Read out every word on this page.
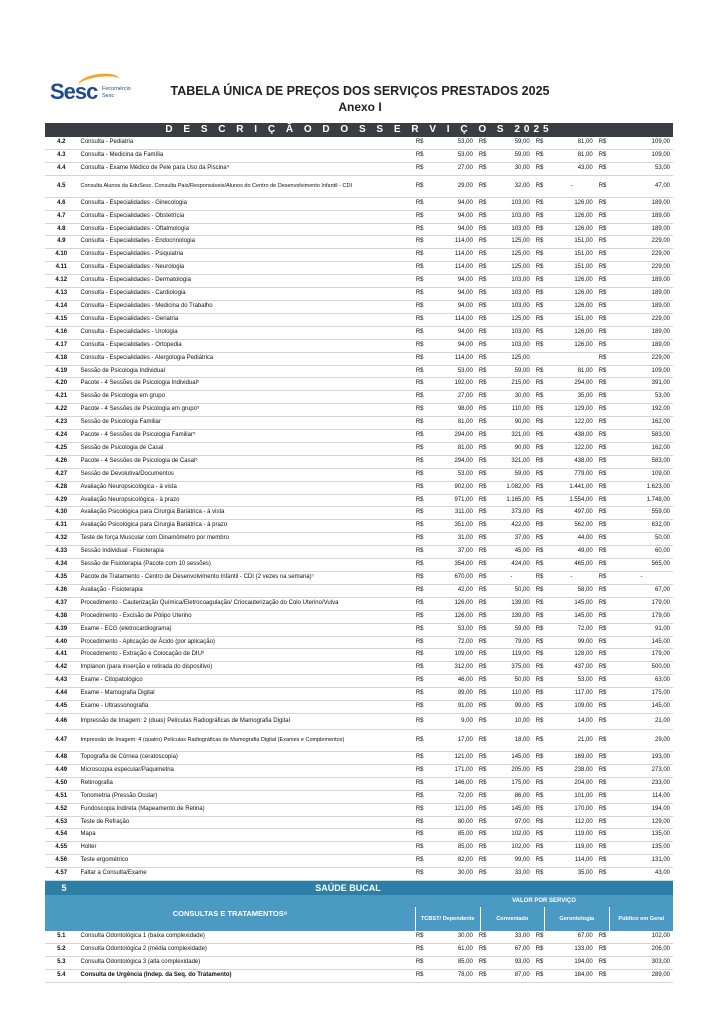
Sesc Fecomércio
Sesc	TABELA ÚNICA DE PREÇOS DOS SERVIÇOS PRESTADOS 2025
Anexo I
D E S C R I Ç Ã O D O S S E R V I Ç O S 2025
4.2	Consulta - Pediatria	R$	53,00	R$	59,00	R$	81,00	R$	109,00
4.3	Consulta - Medicina da Família	R$	53,00	R$	59,00	R$	81,00	R$	109,00
4.4	Consulta - Exame Médico de Pele para Uso da Piscina⁴	R$	27,00	R$	30,00	R$	43,00	R$	53,00
4.5	Consulta Alunos da EduSesc. Consulta Pais/Responsáveis/Alunos do Centro de Desenvolvimento Infantil - CDI	R$	29,00	R$	32,00	R$	-	R$	47,00
4.6	Consulta - Especialidades - Ginecologia	R$	94,00	R$	103,00	R$	126,00	R$	189,00
4.7	Consulta - Especialidades - Obstetrícia	R$	94,00	R$	103,00	R$	126,00	R$	189,00
4.8	Consulta - Especialidades - Oftalmologia	R$	94,00	R$	103,00	R$	126,00	R$	189,00
4.9	Consulta - Especialidades - Endocrinologia	R$	114,00	R$	125,00	R$	151,00	R$	229,00
4.10	Consulta - Especialidades - Psiquiatria	R$	114,00	R$	125,00	R$	151,00	R$	229,00
4.11	Consulta - Especialidades - Neurologia	R$	114,00	R$	125,00	R$	151,00	R$	229,00
4.12	Consulta - Especialidades - Dermatologia	R$	94,00	R$	103,00	R$	126,00	R$	189,00
4.13	Consulta - Especialidades - Cardiologia	R$	94,00	R$	103,00	R$	126,00	R$	189,00
4.14	Consulta - Especialidades - Medicina do Trabalho	R$	94,00	R$	103,00	R$	126,00	R$	189,00
4.15	Consulta - Especialidades - Geriatria	R$	114,00	R$	125,00	R$	151,00	R$	229,00
4.16	Consulta - Especialidades - Urologia	R$	94,00	R$	103,00	R$	126,00	R$	189,00
4.17	Consulta - Especialidades - Ortopedia	R$	94,00	R$	103,00	R$	126,00	R$	189,00
4.18	Consulta - Especialidades - Alergologia Pediátrica	R$	114,00	R$	125,00			R$	229,00
4.19	Sessão de Psicologia Individual	R$	53,00	R$	59,00	R$	81,00	R$	109,00
4.20	Pacote - 4 Sessões de Psicologia Individual⁵	R$	192,00	R$	215,00	R$	294,00	R$	391,00
4.21	Sessão de Psicologia em grupo	R$	27,00	R$	30,00	R$	35,00	R$	53,00
4.22	Pacote - 4 Sessões de Psicologia em grupo⁵	R$	98,00	R$	110,00	R$	129,00	R$	192,00
4.23	Sessão de Psicologia Familiar	R$	81,00	R$	90,00	R$	122,00	R$	162,00
4.24	Pacote - 4 Sessões de Psicologia Familiar⁵	R$	294,00	R$	321,00	R$	438,00	R$	583,00
4.25	Sessão de Psicologia de Casal	R$	81,00	R$	90,00	R$	122,00	R$	162,00
4.26	Pacote - 4 Sessões de Psicologia de Casal⁵	R$	294,00	R$	321,00	R$	438,00	R$	583,00
4.27	Sessão de Devolutiva/Documentos	R$	53,00	R$	59,00	R$	779,00	R$	109,00
4.28	Avaliação Neuropsicológica - à vista	R$	902,00	R$	1.082,00	R$	1.441,00	R$	1.623,00
4.29	Avaliação Neuropsicológica - à prazo	R$	971,00	R$	1.165,00	R$	1.554,00	R$	1.748,00
4.30	Avaliação Psicológica para Cirurgia Bariátrica - à vista	R$	311,00	R$	373,00	R$	497,00	R$	559,00
4.31	Avaliação Psicológica para Cirurgia Bariátrica - à prazo	R$	351,00	R$	422,00	R$	562,00	R$	632,00
4.32	Teste de força Muscular com Dinamômetro por membro	R$	31,00	R$	37,00	R$	44,00	R$	50,00
4.33	Sessão Individual - Fisioterapia	R$	37,00	R$	45,00	R$	49,00	R$	60,00
4.34	Sessão de Fisioterapia (Pacote com 10 sessões)	R$	354,00	R$	424,00	R$	465,00	R$	565,00
4.35	Pacote de Tratamento - Centro de Desenvolvimento Infantil - CDI (2 vezes na semana)⁷	R$	670,00	R$	-	R$	-	R$	-
4.36	Avaliação - Fisioterapia	R$	42,00	R$	50,00	R$	58,00	R$	67,00
4.37	Procedimento - Cauterização Química/Eletrocoagulação/ Criocauterização do Colo Uterino/Vulva	R$	126,00	R$	139,00	R$	145,00	R$	179,00
4.38	Procedimento - Excisão de Pólipo Uterino	R$	126,00	R$	139,00	R$	145,00	R$	179,00
4.39	Exame - ECG (eletrocardiograma)	R$	53,00	R$	59,00	R$	72,00	R$	91,00
4.40	Procedimento - Aplicação de Ácido (por aplicação)	R$	72,00	R$	79,00	R$	99,00	R$	145,00
4.41	Procedimento - Extração e Colocação de DIU⁶	R$	109,00	R$	119,00	R$	128,00	R$	179,00
4.42	Implanon (para inserção e retirada do dispositivo)	R$	312,00	R$	375,00	R$	437,00	R$	500,00
4.43	Exame - Citopatológico	R$	46,00	R$	50,00	R$	53,00	R$	63,00
4.44	Exame - Mamografia Digital	R$	99,00	R$	110,00	R$	117,00	R$	175,00
4.45	Exame - Ultrassonografia	R$	91,00	R$	99,00	R$	109,00	R$	145,00
4.46	Impressão de Imagem: 2 (duas) Películas Radiográficas de Mamografia Digital	R$	9,00	R$	10,00	R$	14,00	R$	21,00
4.47	Impressão de Imagem: 4 (quatro) Películas Radiográficas de Mamografia Digital (Exames e Complementos)	R$	17,00	R$	18,00	R$	21,00	R$	29,00
4.48	Topografia de Córnea (ceratoscopia)	R$	121,00	R$	145,00	R$	169,00	R$	193,00
4.49	Microscopia especular/Paquimetria	R$	171,00	R$	205,00	R$	238,00	R$	273,00
4.50	Retinografia	R$	146,00	R$	175,00	R$	204,00	R$	233,00
4.51	Tonometria (Pressão Ocular)	R$	72,00	R$	86,00	R$	101,00	R$	114,00
4.52	Fundoscopia Indireta (Mapeamento de Retina)	R$	121,00	R$	145,00	R$	170,00	R$	194,00
4.53	Teste de Refração	R$	80,00	R$	97,00	R$	112,00	R$	129,00
4.54	Mapa	R$	85,00	R$	102,00	R$	119,00	R$	135,00
4.55	Holter	R$	85,00	R$	102,00	R$	119,00	R$	135,00
4.56	Teste ergométrico	R$	82,00	R$	99,00	R$	114,00	R$	131,00
4.57	Faltar a Consulta/Exame	R$	30,00	R$	33,00	R$	35,00	R$	43,00
5	SAÚDE BUCAL
CONSULTAS E TRATAMENTOS⁸
VALOR POR SERVIÇO
TCBST/ Dependente	Conveniado	Gerontologia	Público em Geral
5.1	Consulta Odontológica 1 (baixa complexidade)	R$	30,00	R$	33,00	R$	67,00	R$	102,00
5.2	Consulta Odontológica 2 (média complexidade)	R$	61,00	R$	67,00	R$	133,00	R$	206,00
5.3	Consulta Odontológica 3 (alta complexidade)	R$	85,00	R$	93,00	R$	194,00	R$	303,00
5.4	Consulta de Urgência (Indep. da Seq. do Tratamento)	R$	78,00	R$	87,00	R$	184,00	R$	289,00
